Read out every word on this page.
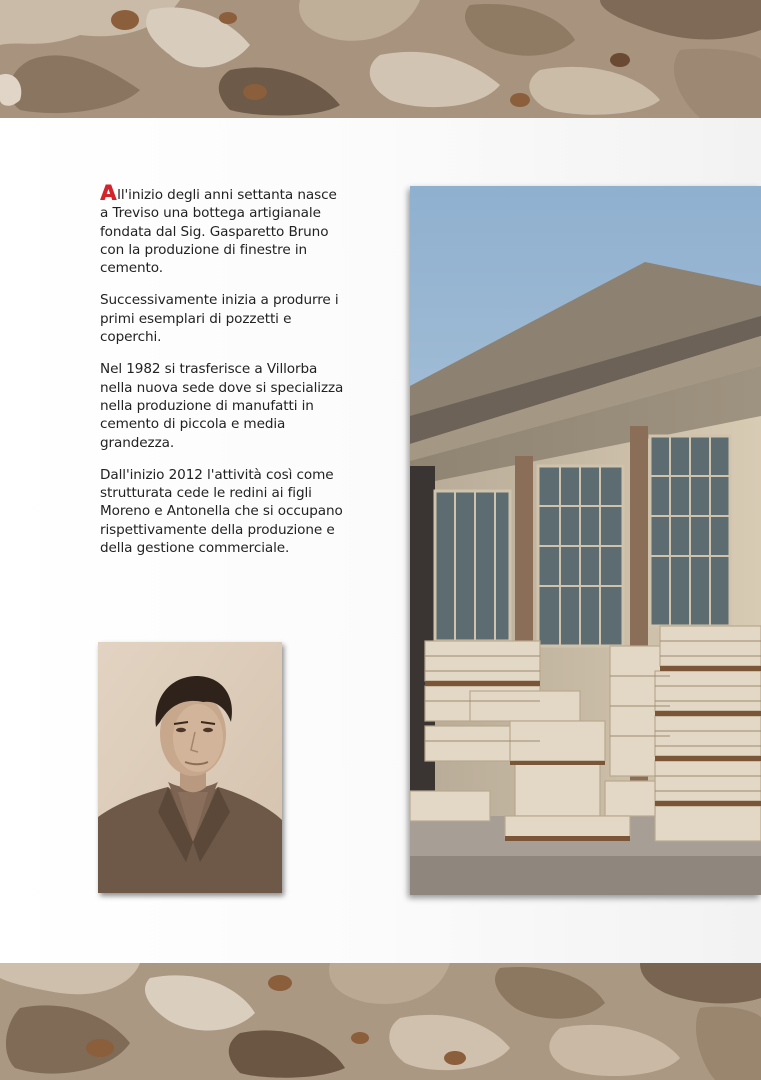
All'inizio degli anni settanta nasce a Treviso una bottega artigianale fondata dal Sig. Gasparetto Bruno con la produzione di finestre in cemento.

Successivamente inizia a produrre i primi esemplari di pozzetti e coperchi.

Nel 1982 si trasferisce a Villorba nella nuova sede dove si specializza nella produzione di manufatti in cemento di piccola e media grandezza.

Dall'inizio 2012 l'attività così come strutturata cede le redini ai figli Moreno e Antonella che si occupano rispettivamente della produzione e della gestione commerciale.
